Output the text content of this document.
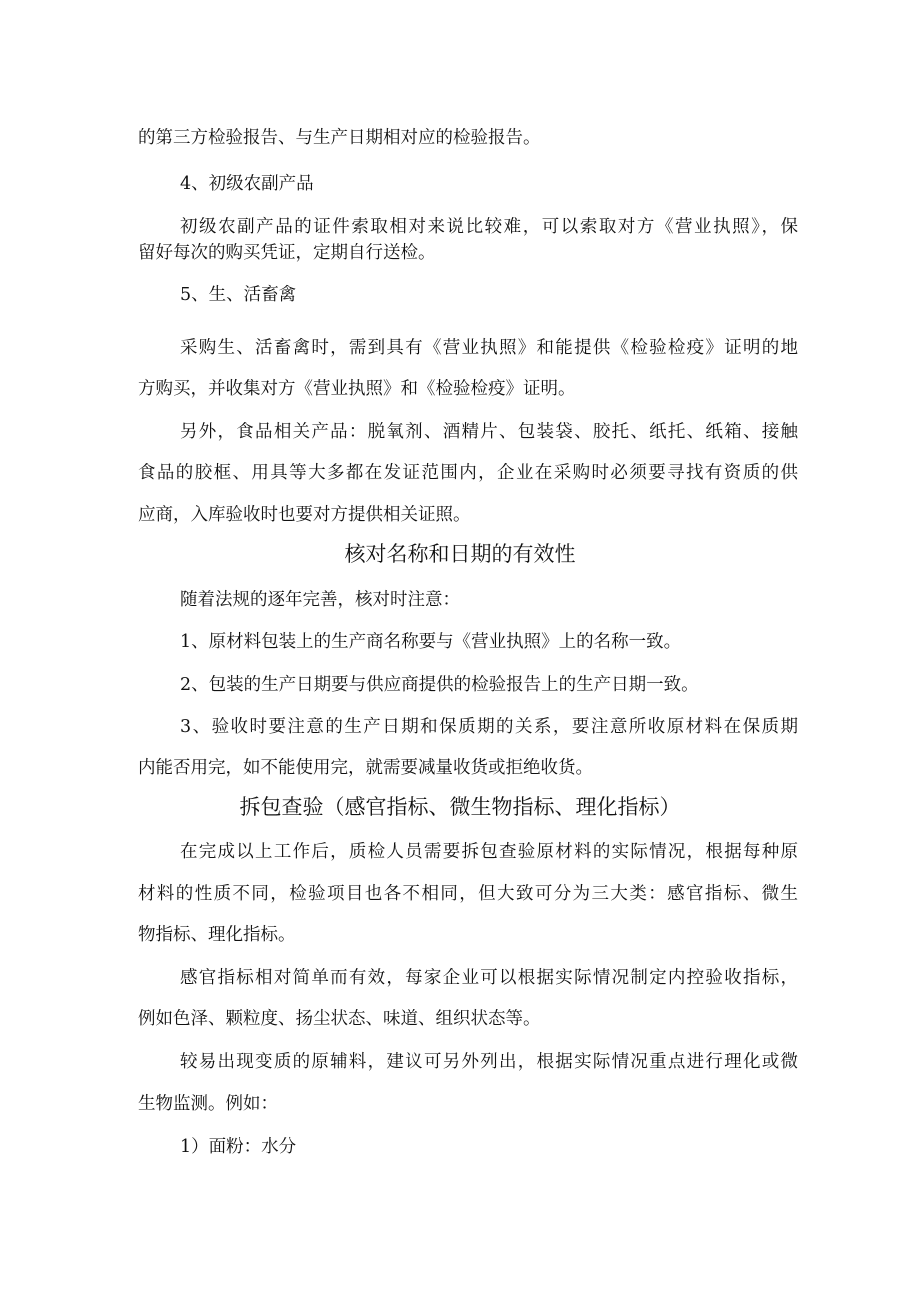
的第三方检验报告、与生产日期相对应的检验报告。
4、初级农副产品
初级农副产品的证件索取相对来说比较难，可以索取对方《营业执照》，保
留好每次的购买凭证，定期自行送检。
5、生、活畜禽
采购生、活畜禽时，需到具有《营业执照》和能提供《检验检疫》证明的地
方购买，并收集对方《营业执照》和《检验检疫》证明。
另外，食品相关产品：脱氧剂、酒精片、包装袋、胶托、纸托、纸箱、接触
食品的胶框、用具等大多都在发证范围内，企业在采购时必须要寻找有资质的供
应商，入库验收时也要对方提供相关证照。
核对名称和日期的有效性
随着法规的逐年完善，核对时注意：
1、原材料包装上的生产商名称要与《营业执照》上的名称一致。
2、包装的生产日期要与供应商提供的检验报告上的生产日期一致。
3、验收时要注意的生产日期和保质期的关系，要注意所收原材料在保质期
内能否用完，如不能使用完，就需要减量收货或拒绝收货。
拆包查验（感官指标、微生物指标、理化指标）
在完成以上工作后，质检人员需要拆包查验原材料的实际情况，根据每种原
材料的性质不同，检验项目也各不相同，但大致可分为三大类：感官指标、微生
物指标、理化指标。
感官指标相对简单而有效，每家企业可以根据实际情况制定内控验收指标，
例如色泽、颗粒度、扬尘状态、味道、组织状态等。
较易出现变质的原辅料，建议可另外列出，根据实际情况重点进行理化或微
生物监测。例如：
1）面粉：水分
